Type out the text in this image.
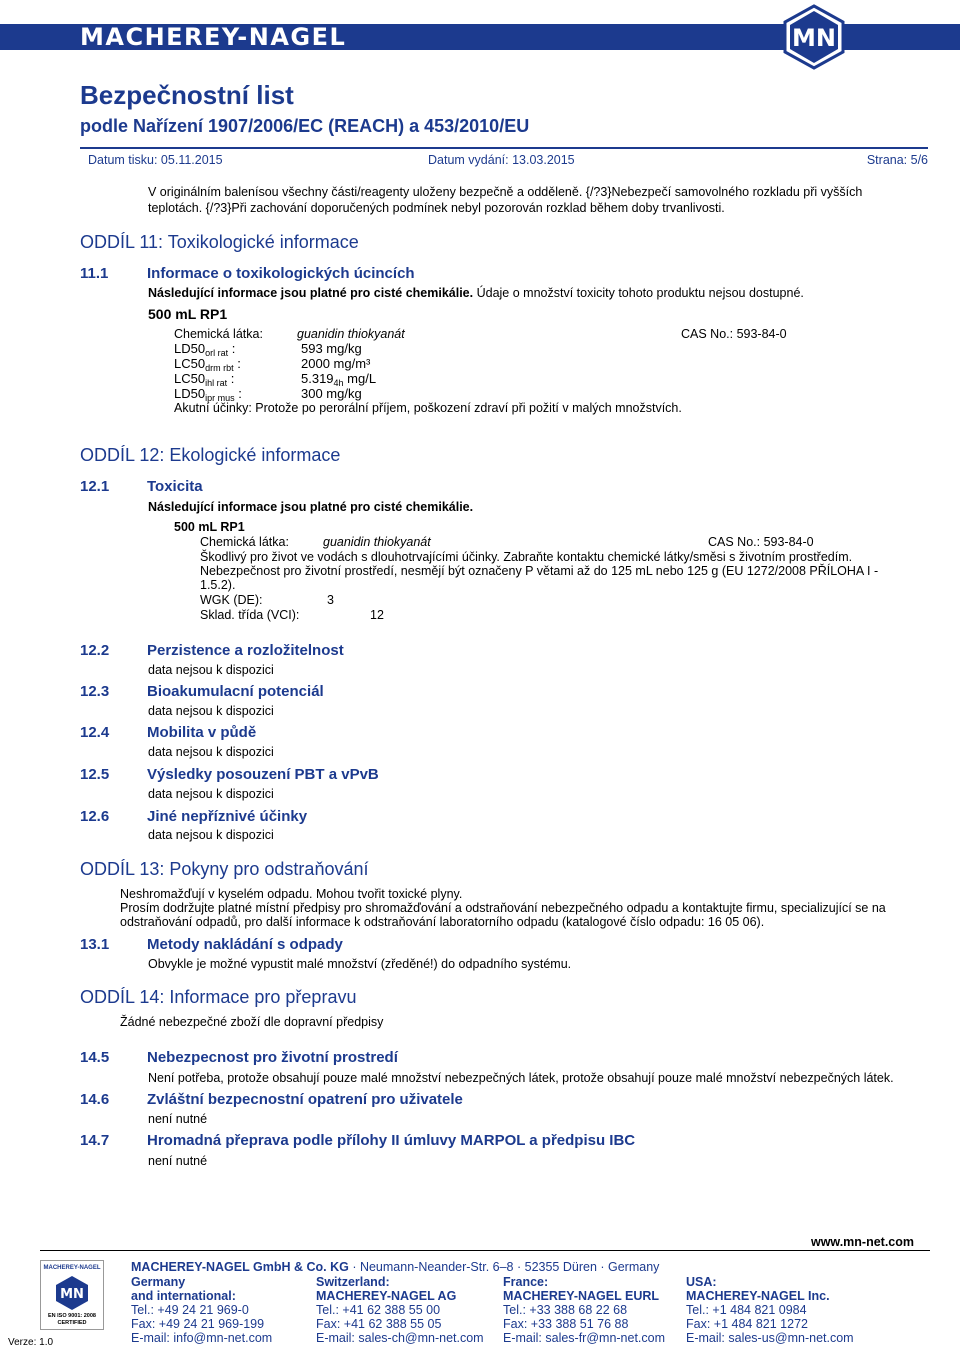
MACHEREY-NAGEL	MN
Bezpečnostní list
podle Nařízení 1907/2006/EC (REACH) a 453/2010/EU
Datum tisku: 05.11.2015	Datum vydání: 13.03.2015	Strana: 5/6
V originálním balenísou všechny části/reagenty uloženy bezpečně a odděleně. {/?3}Nebezpečí samovolného rozkladu při vyšších
teplotách. {/?3}Při zachování doporučených podmínek nebyl pozorován rozklad během doby trvanlivosti.
ODDÍL 11: Toxikologické informace
11.1	Informace o toxikologických úcincích
Následující informace jsou platné pro cisté chemikálie. Údaje o množství toxicity tohoto produktu nejsou dostupné.
500 mL RP1
Chemická látka:	guanidin thiokyanát	CAS No.: 593-84-0
$LD50_{orl rat}$ :	593 mg/kg
$LC50_{drm rbt}$ :	2000 mg/m³
$LC50_{ihl rat}$ :	$5.319_{4h}$ mg/L
$LD50_{ipr mus}$ :	300 mg/kg
Akutní účinky: Protože po perorální příjem, poškození zdraví při požití v malých množstvích.
ODDÍL 12: Ekologické informace
12.1	Toxicita
Následující informace jsou platné pro cisté chemikálie.
500 mL RP1
Chemická látka:	guanidin thiokyanát	CAS No.: 593-84-0
Škodlivý pro život ve vodách s dlouhotrvajícími účinky. Zabraňte kontaktu chemické látky/směsi s životním prostředím.
Nebezpečnost pro životní prostředí, nesmějí být označeny P větami až do 125 mL nebo 125 g (EU 1272/2008 PŘÍLOHA I -
1.5.2).
WGK (DE):	3
Sklad. třída (VCI):	12
12.2	Perzistence a rozložitelnost
data nejsou k dispozici
12.3	Bioakumulacní potenciál
data nejsou k dispozici
12.4	Mobilita v půdě
data nejsou k dispozici
12.5	Výsledky posouzení PBT a vPvB
data nejsou k dispozici
12.6	Jiné nepříznivé účinky
data nejsou k dispozici
ODDÍL 13: Pokyny pro odstraňování
Neshromažďují v kyselém odpadu. Mohou tvořit toxické plyny.
Prosím dodržujte platné místní předpisy pro shromažďování a odstraňování nebezpečného odpadu a kontaktujte firmu, specializující se na
odstraňování odpadů, pro další informace k odstraňování laboratorního odpadu (katalogové číslo odpadu: 16 05 06).
13.1	Metody nakládání s odpady
Obvykle je možné vypustit malé množství (zředěné!) do odpadního systému.
ODDÍL 14: Informace pro přepravu
Žádné nebezpečné zboží dle dopravní předpisy
14.5	Nebezpecnost pro životní prostredí
Není potřeba, protože obsahují pouze malé množství nebezpečných látek, protože obsahují pouze malé množství nebezpečných látek.
14.6	Zvláštní bezpecnostní opatrení pro uživatele
není nutné
14.7	Hromadná přeprava podle přílohy II úmluvy MARPOL a předpisu IBC
není nutné
www.mn-net.com
MACHEREY-NAGEL
MN
EN ISO 9001: 2008 CERTIFIED
Verze: 1.0
MACHEREY-NAGEL GmbH & Co. KG · Neumann-Neander-Str. 6–8 · 52355 Düren · Germany
Germany
and international:
Tel.: +49 24 21 969-0
Fax: +49 24 21 969-199
E-mail: info@mn-net.com
Switzerland:
MACHEREY-NAGEL AG
Tel.: +41 62 388 55 00
Fax: +41 62 388 55 05
E-mail: sales-ch@mn-net.com
France:
MACHEREY-NAGEL EURL
Tel.: +33 388 68 22 68
Fax: +33 388 51 76 88
E-mail: sales-fr@mn-net.com
USA:
MACHEREY-NAGEL Inc.
Tel.: +1 484 821 0984
Fax: +1 484 821 1272
E-mail: sales-us@mn-net.com
